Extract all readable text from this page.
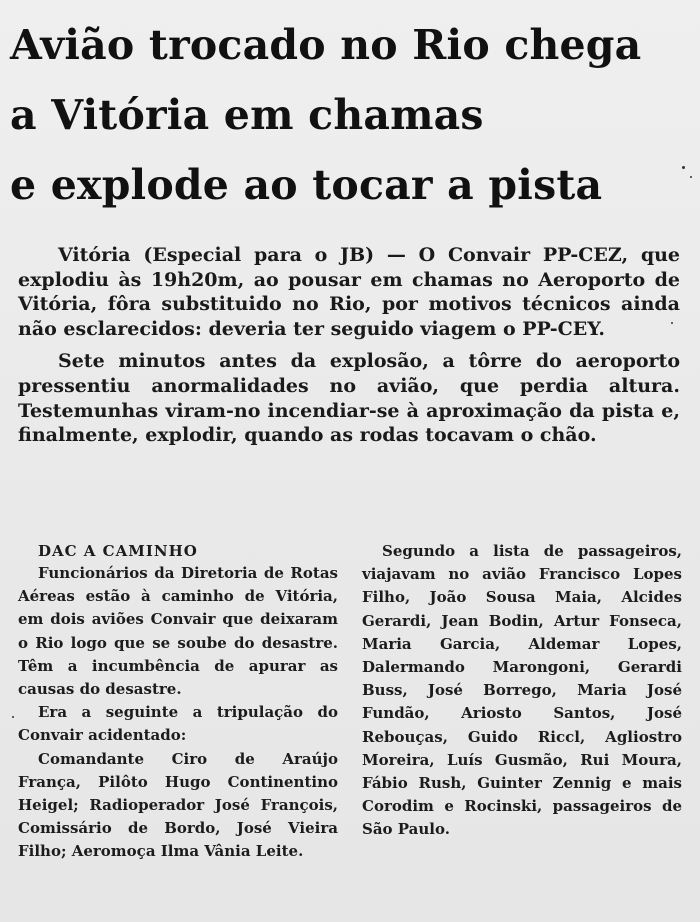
Avião trocado no Rio chega
a Vitória em chamas
e explode ao tocar a pista

Vitória (Especial para o JB) — O Convair PP-CEZ, que explodiu às 19h20m, ao pousar em chamas no Aeroporto de Vitória, fôra substituido no Rio, por motivos técnicos ainda não esclarecidos: deveria ter seguido viagem o PP-CEY.

Sete minutos antes da explosão, a tôrre do aeroporto pressentiu anormalidades no avião, que perdia altura. Testemunhas viram-no incendiar-se à aproximação da pista e, finalmente, explodir, quando as rodas tocavam o chão.

DAC A CAMINHO

Funcionários da Diretoria de Rotas Aéreas estão à caminho de Vitória, em dois aviões Convair que deixaram o Rio logo que se soube do desastre. Têm a incumbência de apurar as causas do desastre.

Era a seguinte a tripulação do Convair acidentado:

Comandante Ciro de Araújo França, Pilôto Hugo Continentino Heigel; Radioperador José François, Comissário de Bordo, José Vieira Filho; Aeromoça Ilma Vânia Leite.

Segundo a lista de passageiros, viajavam no avião Francisco Lopes Filho, João Sousa Maia, Alcides Gerardi, Jean Bodin, Artur Fonseca, Maria Garcia, Aldemar Lopes, Dalermando Marongoni, Gerardi Buss, José Borrego, Maria José Fundão, Ariosto Santos, José Rebouças, Guido Riccl, Agliostro Moreira, Luís Gusmão, Rui Moura, Fábio Rush, Guinter Zennig e mais Corodim e Rocinski, passageiros de São Paulo.
